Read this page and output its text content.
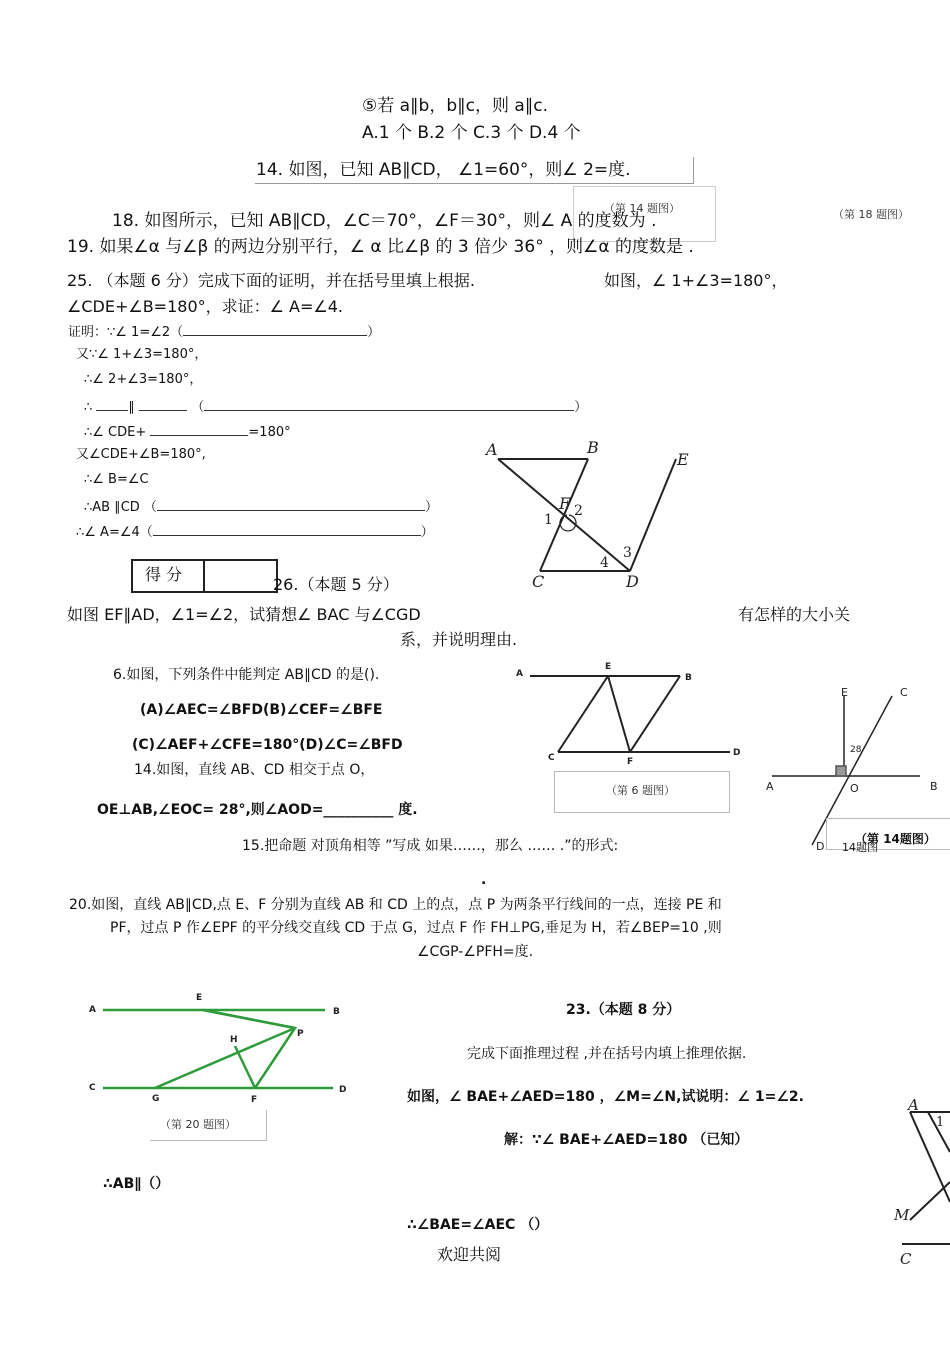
⑤若 a∥b，b∥c，则 a∥c.
A.1 个 B.2 个 C.3 个 D.4 个
14. 如图，已知 AB∥CD， ∠1=60°，则∠ 2=度.
（第 14 题图）
18. 如图所示，已知 AB∥CD，∠C＝70°，∠F＝30°，则∠ A 的度数为 .	（第 18 题图）
19. 如果∠α 与∠β 的两边分别平行，∠ α 比∠β 的 3 倍少 36° ，则∠α 的度数是 .
25. （本题 6 分）完成下面的证明，并在括号里填上根据.	如图，∠ 1+∠3=180°，
∠CDE+∠B=180°，求证：∠ A=∠4.
证明：∵∠ 1=∠2（	）
又∵∠ 1+∠3=180°，
∴∠ 2+∠3=180°，
∴	∥	（	）
∴∠ CDE+	=180°
又∠CDE+∠B=180°,
∴∠ B=∠C
∴AB ∥CD （	）
∴∠ A=∠4（	）
A	B
E
F
1
2
3
4
C	D
得 分
26.（本题 5 分）
如图 EF∥AD，∠1=∠2，试猜想∠ BAC 与∠CGD	有怎样的大小关
系，并说明理由.
6.如图，下列条件中能判定 AB∥CD 的是().
(A)∠AEC=∠BFD(B)∠CEF=∠BFE
(C)∠AEF+∠CFE=180°(D)∠C=∠BFD
A
E
B
C	F
D
（第 6 题图）
14.如图，直线 AB、CD 相交于点 O，
OE⊥AB,∠EOC= 28°,则∠AOD=__________ 度.
E	C
28
A	O	B
D
（第 14题图）
14题图
15.把命题 对顶角相等 ”写成 如果……，那么 …… .”的形式:
.
20.如图，直线 AB∥CD,点 E、F 分别为直线 AB 和 CD 上的点，点 P 为两条平行线间的一点，连接 PE 和
PF，过点 P 作∠EPF 的平分线交直线 CD 于点 G，过点 F 作 FH⊥PG,垂足为 H，若∠BEP=10 ,则
∠CGP-∠PFH=度.
A
E
B
P
H
C
G	F
D
（第 20 题图）
23.（本题 8 分）
完成下面推理过程 ,并在括号内填上推理依据.
如图，∠ BAE+∠AED=180 ，∠M=∠N,试说明：∠ 1=∠2.
解：∵∠ BAE+∠AED=180 （已知）
∴AB∥（）
∴∠BAE=∠AEC （）
A
1
M
C
欢迎共阅
